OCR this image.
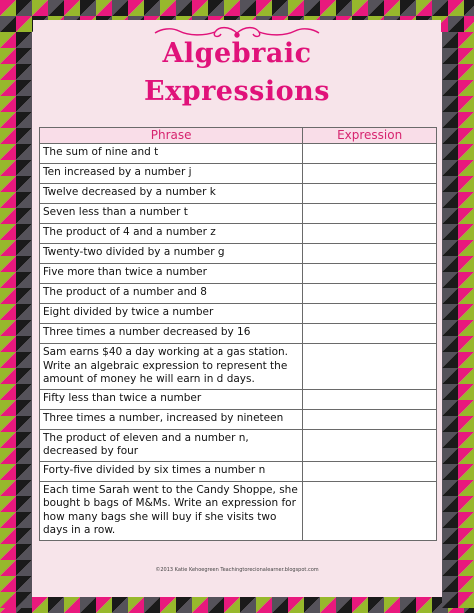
Algebraic
Expressions
Phrase	Expression
The sum of nine and t	
Ten increased by a number j	
Twelve decreased by a number k	
Seven less than a number t	
The product of 4 and a number z	
Twenty-two divided by a number g	
Five more than twice a number	
The product of a number and 8	
Eight divided by twice a number	
Three times a number decreased by 16	
Sam earns $40 a day working at a gas station. Write an algebraic expression to represent the amount of money he will earn in d days.	
Fifty less than twice a number	
Three times a number, increased by nineteen	
The product of eleven and a number n, decreased by four	
Forty-five divided by six times a number n	
Each time Sarah went to the Candy Shoppe, she bought b bags of M&Ms. Write an expression for how many bags she will buy if she visits two days in a row.	
©2013 Katie Kehoegreen Teachingtorecionalearner.blogspot.com
